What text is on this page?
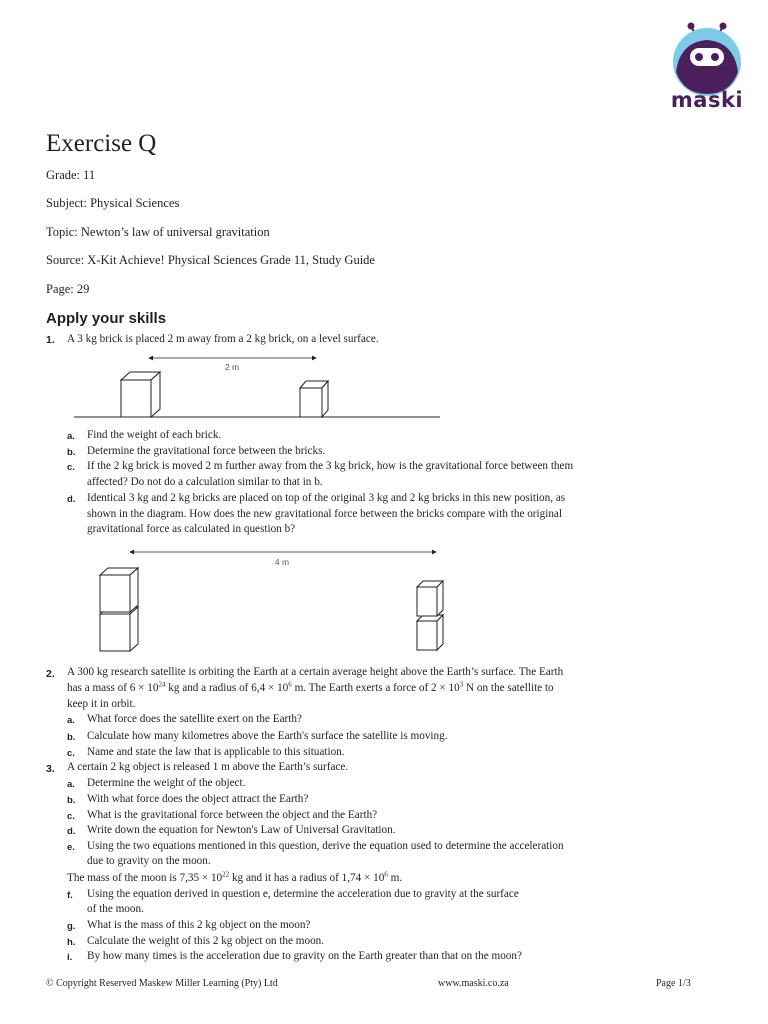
maski
Exercise Q
Grade: 11
Subject: Physical Sciences
Topic: Newton’s law of universal gravitation
Source: X-Kit Achieve! Physical Sciences Grade 11, Study Guide
Page: 29
Apply your skills
1. A 3 kg brick is placed 2 m away from a 2 kg brick, on a level surface.
2 m
a. Find the weight of each brick.
b. Determine the gravitational force between the bricks.
c. If the 2 kg brick is moved 2 m further away from the 3 kg brick, how is the gravitational force between them
affected? Do not do a calculation similar to that in b.
d. Identical 3 kg and 2 kg bricks are placed on top of the original 3 kg and 2 kg bricks in this new position, as
shown in the diagram. How does the new gravitational force between the bricks compare with the original
gravitational force as calculated in question b?
4 m
2. A 300 kg research satellite is orbiting the Earth at a certain average height above the Earth’s surface. The Earth
has a mass of $6 \times 10^{24}$ kg and a radius of $6,4 \times 10^6$ m. The Earth exerts a force of $2 \times 10^3$ N on the satellite to
keep it in orbit.
a. What force does the satellite exert on the Earth?
b. Calculate how many kilometres above the Earth's surface the satellite is moving.
c. Name and state the law that is applicable to this situation.
3. A certain 2 kg object is released 1 m above the Earth’s surface.
a. Determine the weight of the object.
b. With what force does the object attract the Earth?
c. What is the gravitational force between the object and the Earth?
d. Write down the equation for Newton's Law of Universal Gravitation.
e. Using the two equations mentioned in this question, derive the equation used to determine the acceleration
due to gravity on the moon.
The mass of the moon is $7,35 \times 10^{22}$ kg and it has a radius of $1,74 \times 10^6$ m.
f. Using the equation derived in question e, determine the acceleration due to gravity at the surface
of the moon.
g. What is the mass of this 2 kg object on the moon?
h. Calculate the weight of this 2 kg object on the moon.
i. By how many times is the acceleration due to gravity on the Earth greater than that on the moon?
© Copyright Reserved Maskew Miller Learning (Pty) Ltd	www.maski.co.za	Page 1/3
